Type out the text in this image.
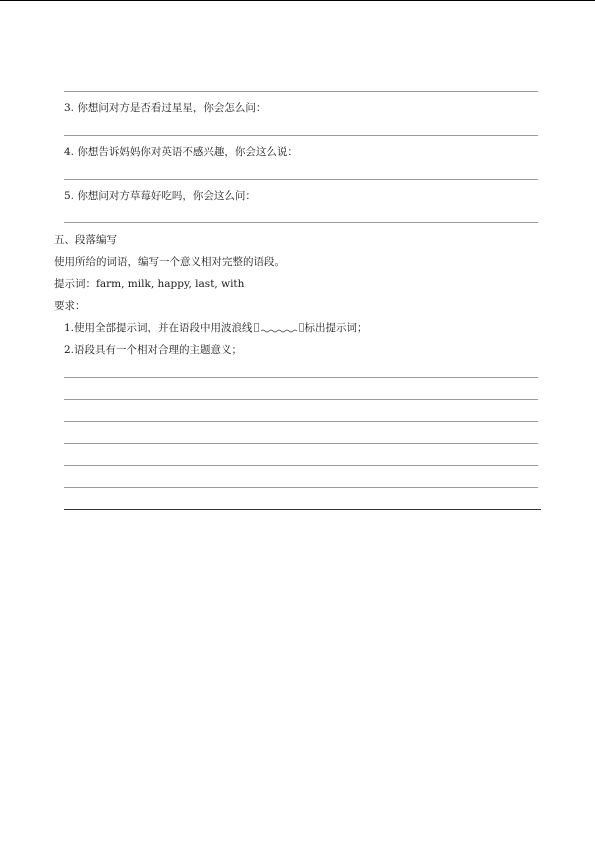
3. 你想问对方是否看过星星，你会怎么问：
4. 你想告诉妈妈你对英语不感兴趣，你会这么说：
5. 你想问对方草莓好吃吗，你会这么问：
五、段落编写
使用所给的词语，编写一个意义相对完整的语段。
提示词：farm, milk, happy, last, with
要求：
1.使用全部提示词，并在语段中用波浪线	标出提示词；
2.语段具有一个相对合理的主题意义；
